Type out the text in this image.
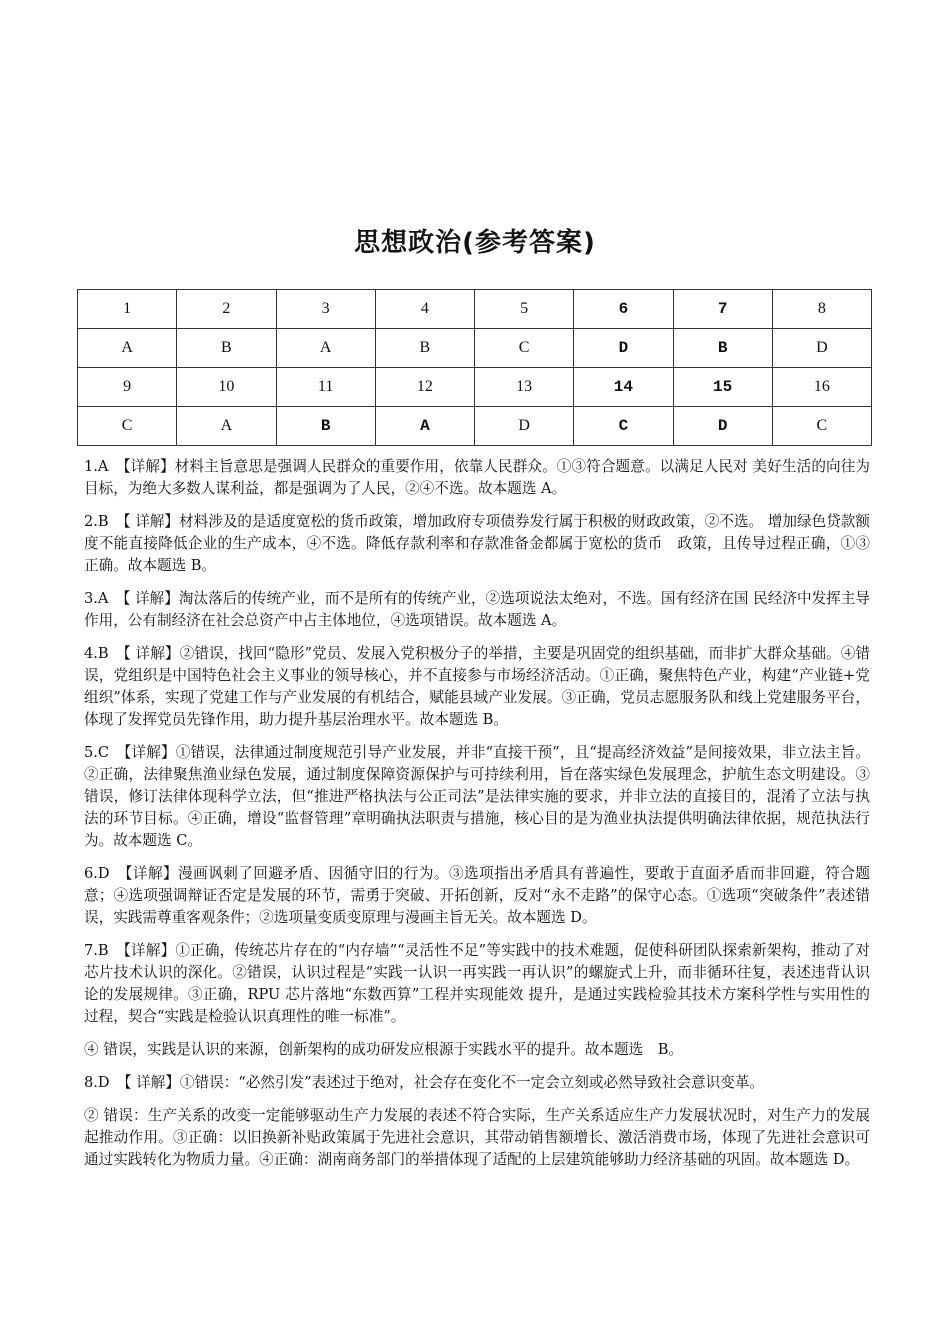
思想政治(参考答案)
1	2	3	4	5	6	7	8
A	B	A	B	C	D	B	D
9	10	11	12	13	14	15	16
C	A	B	A	D	C	D	C

1.A　【详解】材料主旨意思是强调人民群众的重要作用，依靠人民群众。①③符合题意。以满足人民对 美好生活的向往为目标，为绝大多数人谋利益，都是强调为了人民，②④不选。故本题选 A。

2.B　【 详解】材料涉及的是适度宽松的货币政策，增加政府专项债券发行属于积极的财政政策，②不选。 增加绿色贷款额度不能直接降低企业的生产成本，④不选。降低存款利率和存款准备金都属于宽松的货币　政策，且传导过程正确，①③正确。故本题选 B。

3.A　【 详解】淘汰落后的传统产业，而不是所有的传统产业，②选项说法太绝对，不选。国有经济在国 民经济中发挥主导作用，公有制经济在社会总资产中占主体地位，④选项错误。故本题选 A。

4.B　【 详解】②错误，找回“隐形”党员、发展入党积极分子的举措，主要是巩固党的组织基础，而非扩大群众基础。④错误，党组织是中国特色社会主义事业的领导核心，并不直接参与市场经济活动。①正确，聚焦特色产业，构建“产业链+党组织”体系，实现了党建工作与产业发展的有机结合，赋能县域产业发展。③正确，党员志愿服务队和线上党建服务平台，体现了发挥党员先锋作用，助力提升基层治理水平。故本题选 B。

5.C　【详解】①错误，法律通过制度规范引导产业发展，并非“直接干预”，且“提高经济效益”是间接效果，非立法主旨。②正确，法律聚焦渔业绿色发展，通过制度保障资源保护与可持续利用，旨在落实绿色发展理念，护航生态文明建设。③错误，修订法律体现科学立法，但“推进严格执法与公正司法”是法律实施的要求，并非立法的直接目的，混淆了立法与执法的环节目标。④正确，增设“监督管理”章明确执法职责与措施，核心目的是为渔业执法提供明确法律依据，规范执法行为。故本题选 C。

6.D　【详解】漫画讽刺了回避矛盾、因循守旧的行为。③选项指出矛盾具有普遍性，要敢于直面矛盾而非回避，符合题意；④选项强调辩证否定是发展的环节，需勇于突破、开拓创新，反对“永不走路”的保守心态。①选项“突破条件”表述错误，实践需尊重客观条件；②选项量变质变原理与漫画主旨无关。故本题选 D。

7.B　【详解】①正确，传统芯片存在的“内存墙”“灵活性不足”等实践中的技术难题，促使科研团队探索新架构，推动了对芯片技术认识的深化。②错误，认识过程是“实践一认识一再实践一再认识”的螺旋式上升，而非循环往复，表述违背认识论的发展规律。③正确，RPU 芯片落地“东数西算”工程并实现能效 提升，是通过实践检验其技术方案科学性与实用性的过程，契合“实践是检验认识真理性的唯一标准”。

④ 错误，实践是认识的来源，创新架构的成功研发应根源于实践水平的提升。故本题选　B。

8.D　【 详解】①错误：“必然引发”表述过于绝对，社会存在变化不一定会立刻或必然导致社会意识变革。

② 错误：生产关系的改变一定能够驱动生产力发展的表述不符合实际，生产关系适应生产力发展状况时，对生产力的发展起推动作用。③正确：以旧换新补贴政策属于先进社会意识，其带动销售额增长、激活消费市场，体现了先进社会意识可通过实践转化为物质力量。④正确：湖南商务部门的举措体现了适配的上层建筑能够助力经济基础的巩固。故本题选 D。
